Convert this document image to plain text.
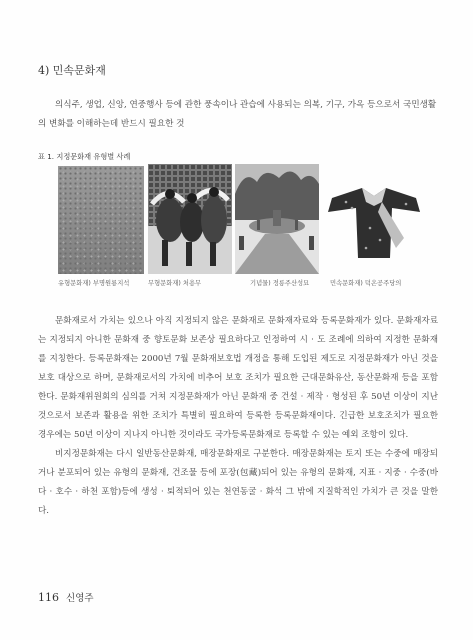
4) 민속문화재

의식주, 생업, 신앙, 연중행사 등에 관한 풍속이나 관습에 사용되는 의복, 기구, 가옥 등으로서 국민생활의 변화를 이해하는데 반드시 필요한 것

표 1. 지정문화재 유형별 사례
유형문화재) 부명원룡지석	무형문화재) 처용무	기념물) 정릉주산성묘	민속문화재) 덕온공주당의

문화재로서 가치는 있으나 아직 지정되지 않은 문화재로 문화재자료와 등록문화재가 있다. 문화재자료는 지정되지 아니한 문화재 중 향토문화 보존상 필요하다고 인정하여 시 · 도 조례에 의하여 지정한 문화재를 지칭한다. 등록문화재는 2000년 7월 문화재보호법 개정을 통해 도입된 제도로 지정문화재가 아닌 것을 보호 대상으로 하며, 문화재로서의 가치에 비추어 보호 조치가 필요한 근대문화유산, 동산문화재 등을 포함한다. 문화재위원회의 심의를 거쳐 지정문화재가 아닌 문화재 중 건설 · 제작 · 형성된 후 50년 이상이 지난 것으로서 보존과 활용을 위한 조치가 특별히 필요하여 등록한 등록문화재이다. 긴급한 보호조치가 필요한 경우에는 50년 이상이 지나지 아니한 것이라도 국가등록문화재로 등록할 수 있는 예외 조항이 있다.

비지정문화재는 다시 일반동산문화재, 매장문화재로 구분한다. 매장문화재는 토지 또는 수중에 매장되거나 분포되어 있는 유형의 문화재, 건조물 등에 포장(包藏)되어 있는 유형의 문화재, 지표 · 지중 · 수중(바다 · 호수 · 하천 포함)등에 생성 · 퇴적되어 있는 천연동굴 · 화석 그 밖에 지질학적인 가치가 큰 것을 말한다.

116 신영주
